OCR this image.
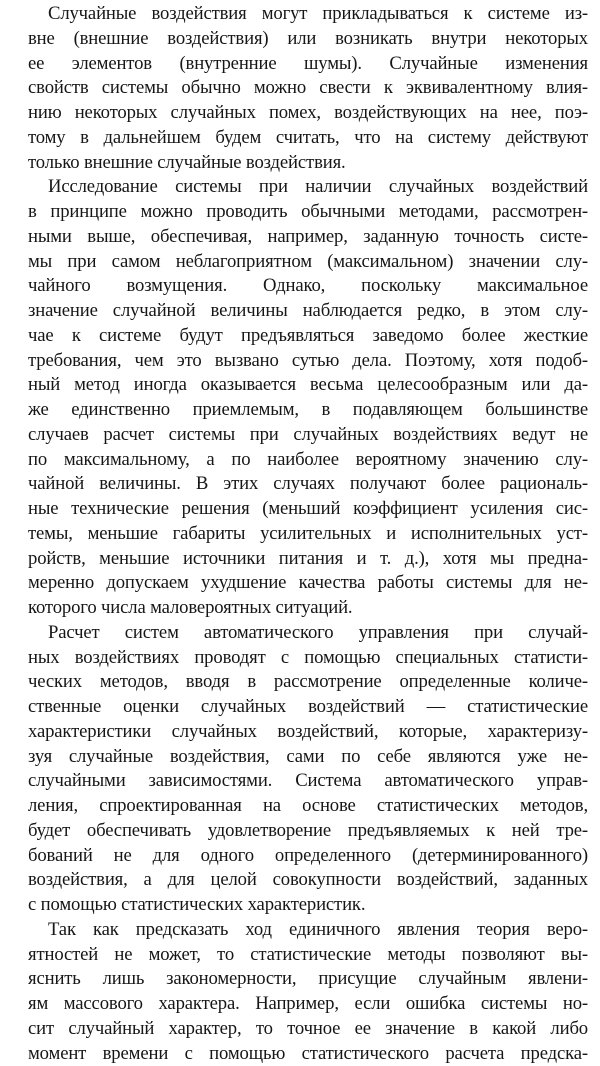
Случайные воздействия могут прикладываться к системе из-
вне (внешние воздействия) или возникать внутри некоторых
ее элементов (внутренние шумы). Случайные изменения
свойств системы обычно можно свести к эквивалентному влия-
нию некоторых случайных помех, воздействующих на нее, поэ-
тому в дальнейшем будем считать, что на систему действуют
только внешние случайные воздействия.
Исследование системы при наличии случайных воздействий
в принципе можно проводить обычными методами, рассмотрен-
ными выше, обеспечивая, например, заданную точность систе-
мы при самом неблагоприятном (максимальном) значении слу-
чайного возмущения. Однако, поскольку максимальное
значение случайной величины наблюдается редко, в этом слу-
чае к системе будут предъявляться заведомо более жесткие
требования, чем это вызвано сутью дела. Поэтому, хотя подоб-
ный метод иногда оказывается весьма целесообразным или да-
же единственно приемлемым, в подавляющем большинстве
случаев расчет системы при случайных воздействиях ведут не
по максимальному, а по наиболее вероятному значению слу-
чайной величины. В этих случаях получают более рациональ-
ные технические решения (меньший коэффициент усиления сис-
темы, меньшие габариты усилительных и исполнительных уст-
ройств, меньшие источники питания и т. д.), хотя мы предна-
меренно допускаем ухудшение качества работы системы для не-
которого числа маловероятных ситуаций.
Расчет систем автоматического управления при случай-
ных воздействиях проводят с помощью специальных статисти-
ческих методов, вводя в рассмотрение определенные количе-
ственные оценки случайных воздействий — статистические
характеристики случайных воздействий, которые, характеризу-
зуя случайные воздействия, сами по себе являются уже не-
случайными зависимостями. Система автоматического управ-
ления, спроектированная на основе статистических методов,
будет обеспечивать удовлетворение предъявляемых к ней тре-
бований не для одного определенного (детерминированного)
воздействия, а для целой совокупности воздействий, заданных
с помощью статистических характеристик.
Так как предсказать ход единичного явления теория веро-
ятностей не может, то статистические методы позволяют вы-
яснить лишь закономерности, присущие случайным явлени-
ям массового характера. Например, если ошибка системы но-
сит случайный характер, то точное ее значение в какой либо
момент времени с помощью статистического расчета предска-
